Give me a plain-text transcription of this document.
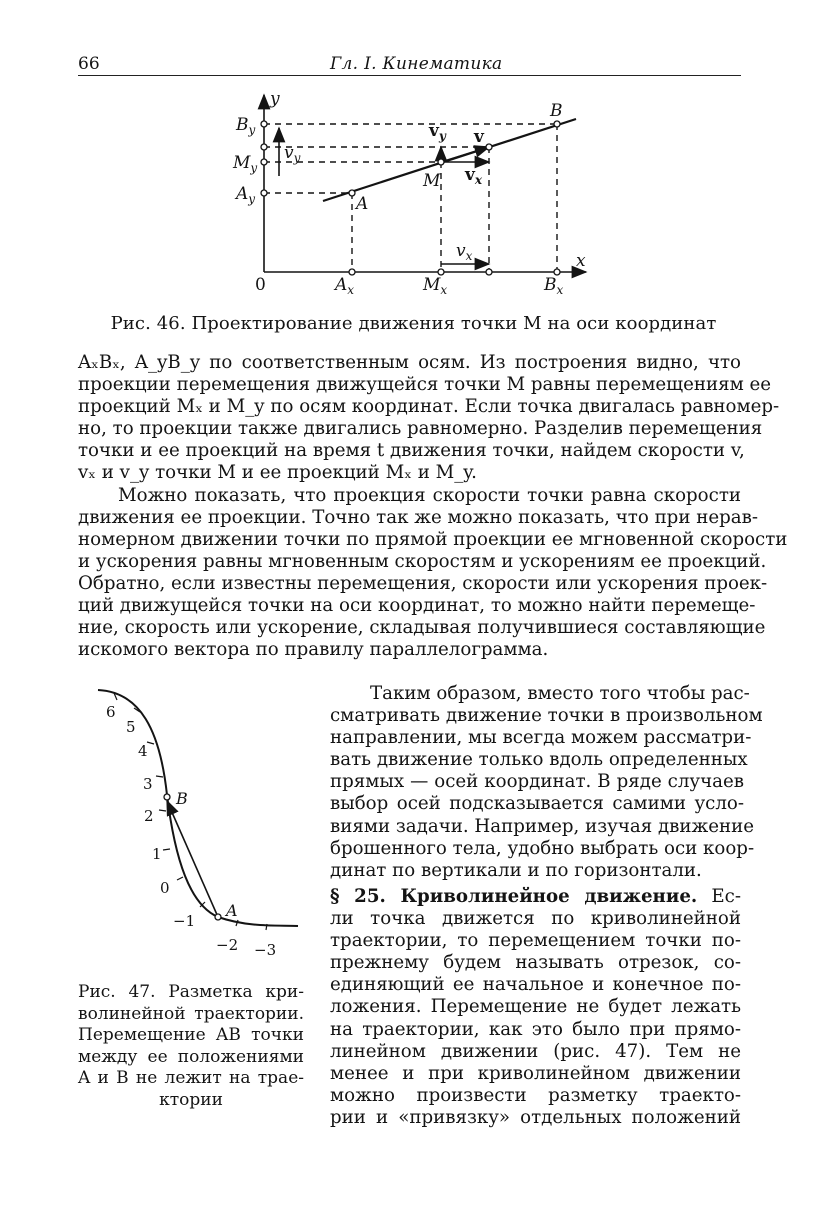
66	Гл. I. Кинематика
y
x
0
$B_y$
$M_y$
$A_y$
$A_x$	$M_x$	$B_x$
B
M
A
v
$v_y$
$v_x$
$v_y$
$v_x$
Рис. 46. Проектирование движения точки M на оси координат
AₓBₓ, A_yB_y по соответственным осям. Из построения видно, что
проекции перемещения движущейся точки M равны перемещениям ее
проекций Mₓ и M_y по осям координат. Если точка двигалась равномер-
но, то проекции также двигались равномерно. Разделив перемещения
точки и ее проекций на время t движения точки, найдем скорости v,
vₓ и v_y точки M и ее проекций Mₓ и M_y.
Можно показать, что проекция скорости точки равна скорости
движения ее проекции. Точно так же можно показать, что при нерав-
номерном движении точки по прямой проекции ее мгновенной скорости
и ускорения равны мгновенным скоростям и ускорениям ее проекций.
Обратно, если известны перемещения, скорости или ускорения проек-
ций движущейся точки на оси координат, то можно найти перемеще-
ние, скорость или ускорение, складывая получившиеся составляющие
искомого вектора по правилу параллелограмма.
Таким образом, вместо того чтобы рас-
сматривать движение точки в произвольном
направлении, мы всегда можем рассматри-
вать движение только вдоль определенных
прямых — осей координат. В ряде случаев
выбор осей подсказывается самими усло-
виями задачи. Например, изучая движение
брошенного тела, удобно выбрать оси коор-
динат по вертикали и по горизонтали.
§ 25. Криволинейное движение. Ес-
ли точка движется по криволинейной
траектории, то перемещением точки по-
прежнему будем называть отрезок, со-
единяющий ее начальное и конечное по-
ложения. Перемещение не будет лежать
на траектории, как это было при прямо-
линейном движении (рис. 47). Тем не
менее и при криволинейном движении
можно произвести разметку траекто-
рии и «привязку» отдельных положений
6
5
4
3
2
1
0
−1
−2 −3
B
A
Рис. 47. Разметка кри-
волинейной траектории.
Перемещение AB точки
между ее положениями
A и B не лежит на трае-
ктории
